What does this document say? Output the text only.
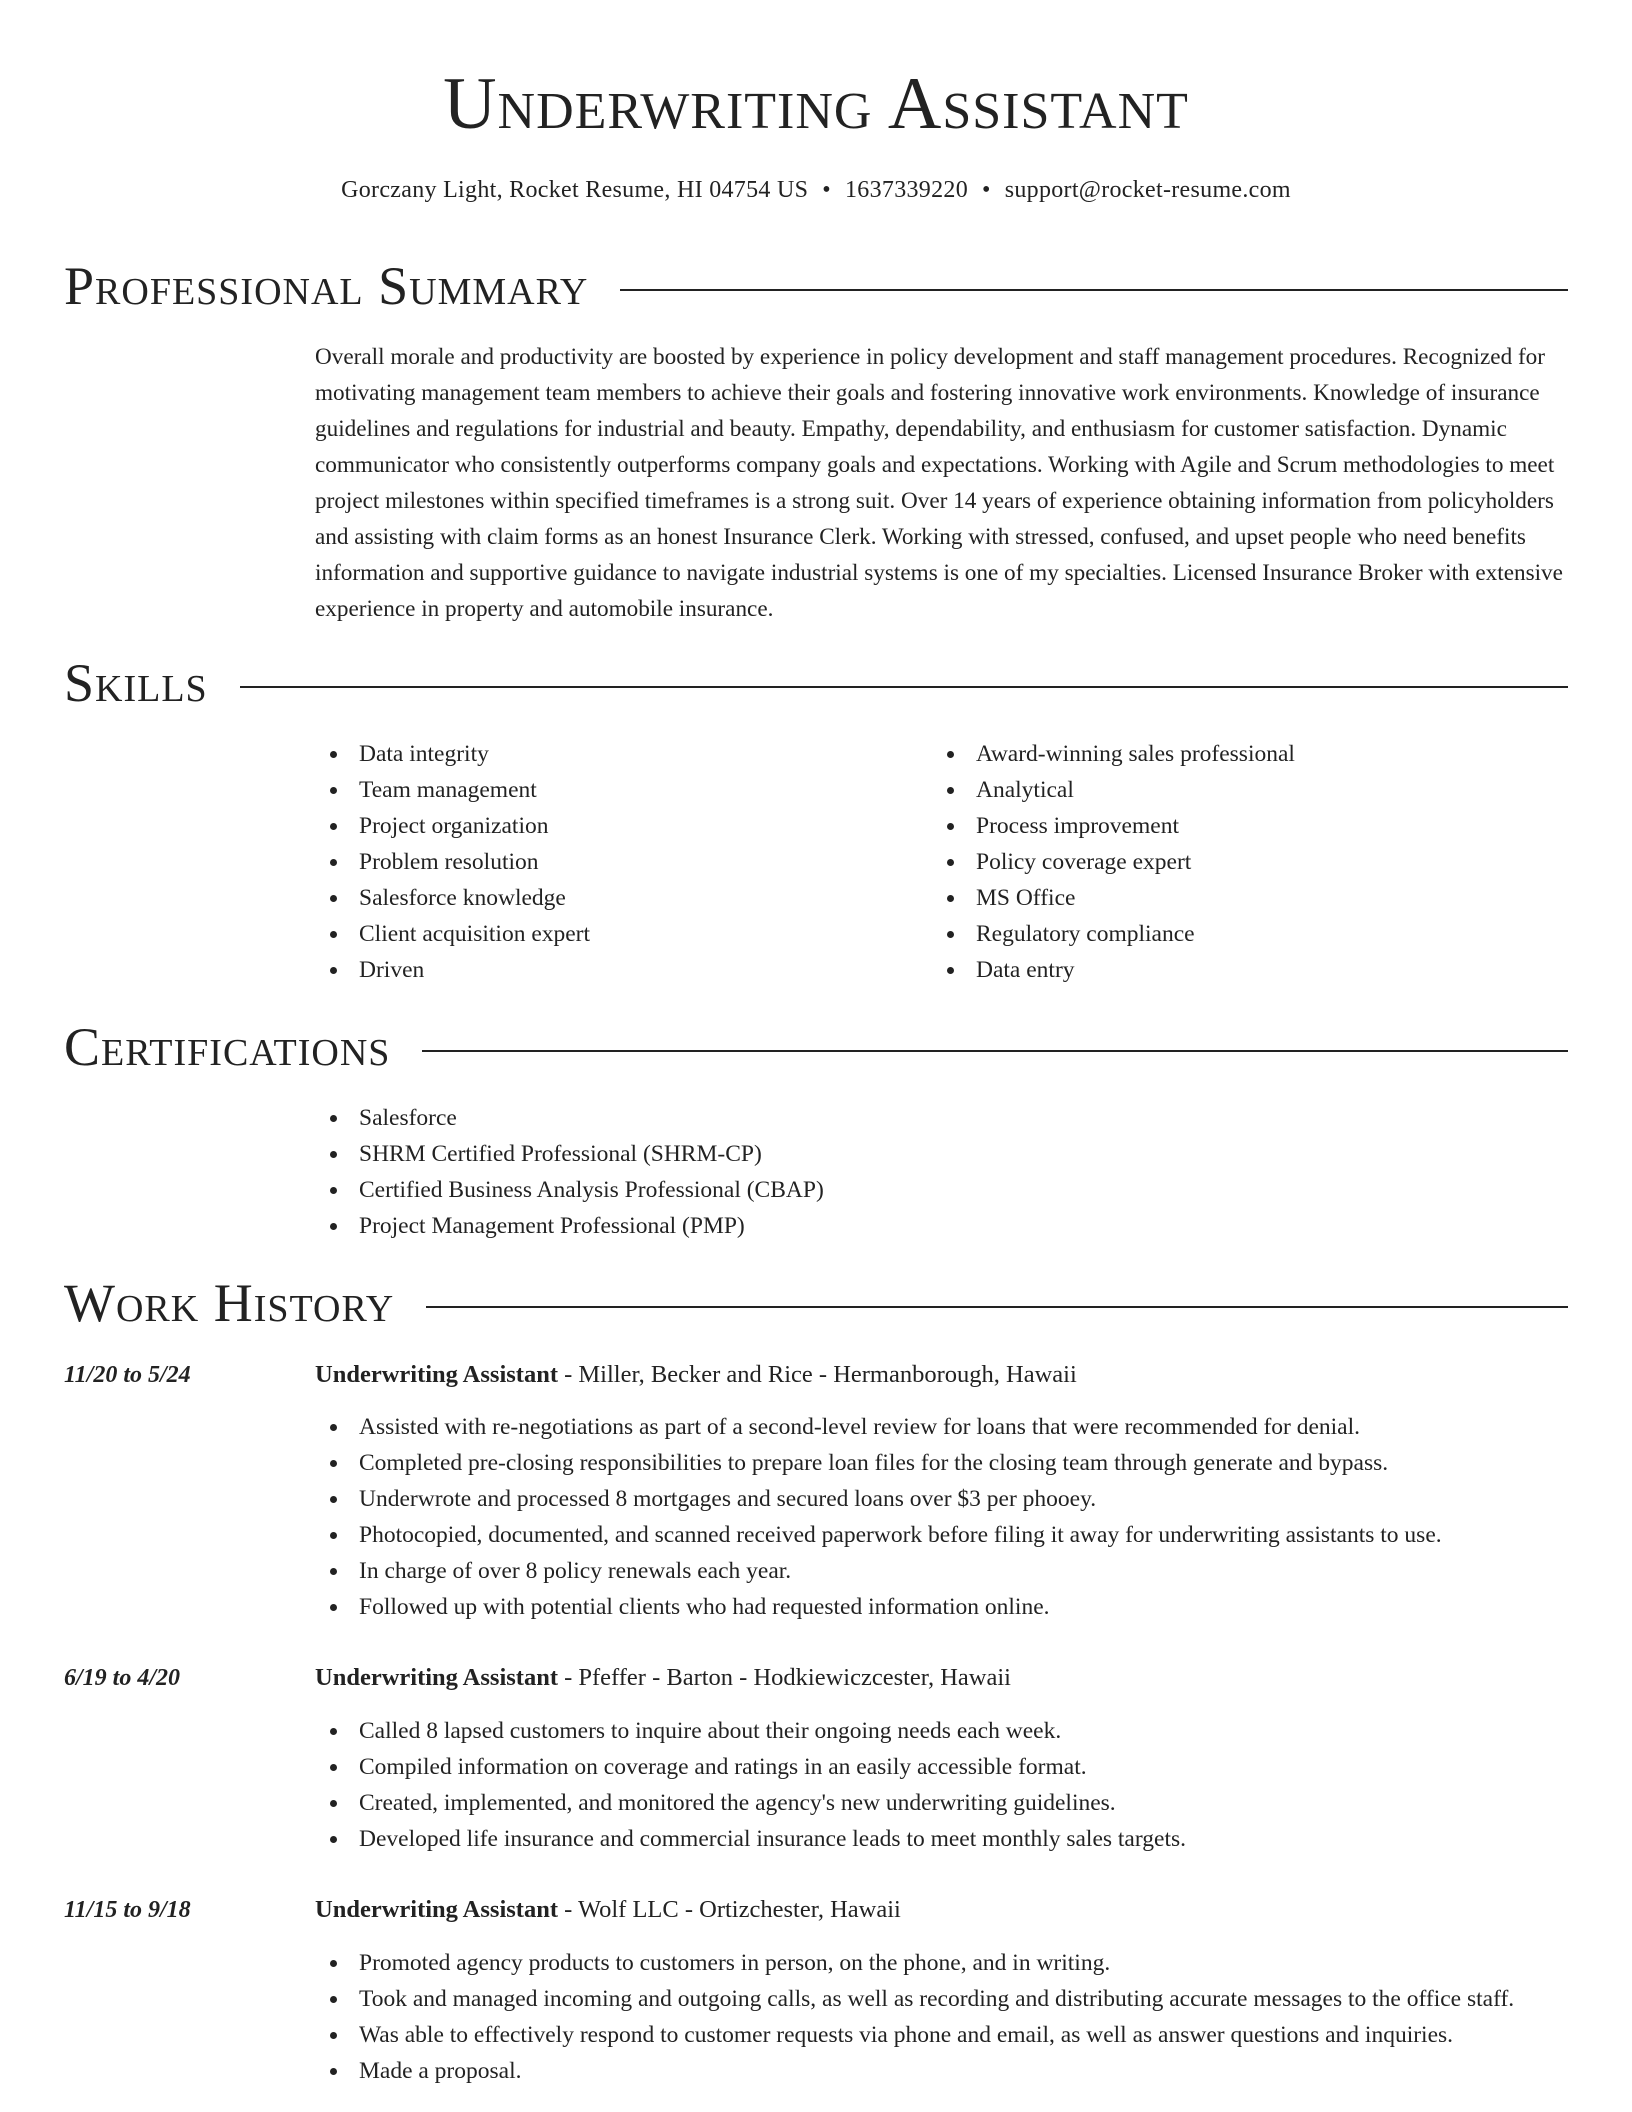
Underwriting Assistant
Gorczany Light, Rocket Resume, HI 04754 US • 1637339220 • support@rocket-resume.com
Professional Summary

Overall morale and productivity are boosted by experience in policy development and staff management procedures. Recognized for motivating management team members to achieve their goals and fostering innovative work environments. Knowledge of insurance guidelines and regulations for industrial and beauty. Empathy, dependability, and enthusiasm for customer satisfaction. Dynamic communicator who consistently outperforms company goals and expectations. Working with Agile and Scrum methodologies to meet project milestones within specified timeframes is a strong suit. Over 14 years of experience obtaining information from policyholders and assisting with claim forms as an honest Insurance Clerk. Working with stressed, confused, and upset people who need benefits information and supportive guidance to navigate industrial systems is one of my specialties. Licensed Insurance Broker with extensive experience in property and automobile insurance.

Skills
Data integrity
Team management
Project organization
Problem resolution
Salesforce knowledge
Client acquisition expert
Driven
Award-winning sales professional
Analytical
Process improvement
Policy coverage expert
MS Office
Regulatory compliance
Data entry
Certifications
Salesforce
SHRM Certified Professional (SHRM-CP)
Certified Business Analysis Professional (CBAP)
Project Management Professional (PMP)
Work History
11/20 to 5/24	Underwriting Assistant - Miller, Becker and Rice - Hermanborough, Hawaii
Assisted with re-negotiations as part of a second-level review for loans that were recommended for denial.
Completed pre-closing responsibilities to prepare loan files for the closing team through generate and bypass.
Underwrote and processed 8 mortgages and secured loans over $3 per phooey.
Photocopied, documented, and scanned received paperwork before filing it away for underwriting assistants to use.
In charge of over 8 policy renewals each year.
Followed up with potential clients who had requested information online.
6/19 to 4/20	Underwriting Assistant - Pfeffer - Barton - Hodkiewiczcester, Hawaii
Called 8 lapsed customers to inquire about their ongoing needs each week.
Compiled information on coverage and ratings in an easily accessible format.
Created, implemented, and monitored the agency's new underwriting guidelines.
Developed life insurance and commercial insurance leads to meet monthly sales targets.
11/15 to 9/18	Underwriting Assistant - Wolf LLC - Ortizchester, Hawaii
Promoted agency products to customers in person, on the phone, and in writing.
Took and managed incoming and outgoing calls, as well as recording and distributing accurate messages to the office staff.
Was able to effectively respond to customer requests via phone and email, as well as answer questions and inquiries.
Made a proposal.
